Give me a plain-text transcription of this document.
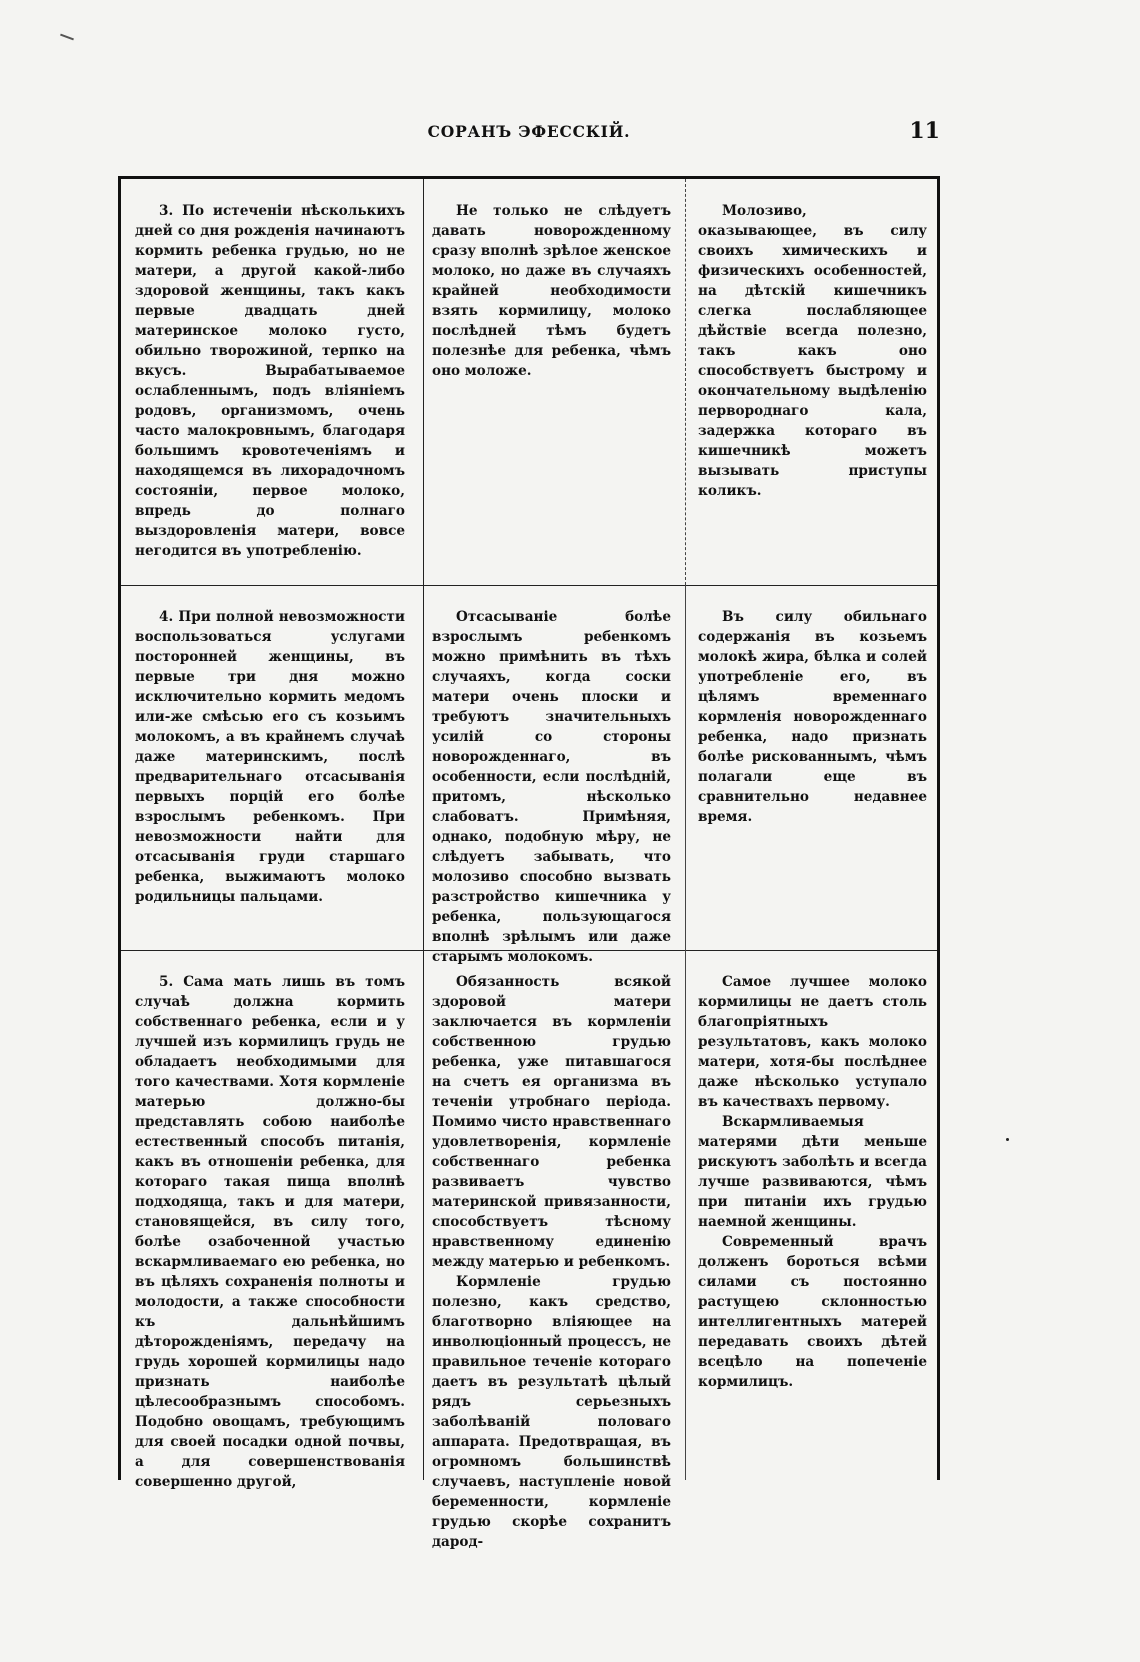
СОРАНЪ ЭФЕССКІЙ.	11

3. По истеченіи нѣсколькихъ дней со дня рожденія начинаютъ кормить ребенка грудью, но не матери, а другой какой-либо здоровой женщины, такъ какъ первые двадцать дней материнское молоко густо, обильно творожиной, терпко на вкусъ. Вырабатываемое ослабленнымъ, подъ вліяніемъ родовъ, организмомъ, очень часто малокровнымъ, благодаря большимъ кровотеченіямъ и находящемся въ лихорадочномъ состояніи, первое молоко, впредь до полнаго выздоровленія матери, вовсе негодится въ употребленію.

Не только не слѣдуетъ давать новорожденному сразу вполнѣ зрѣлое женское молоко, но даже въ случаяхъ крайней необходимости взять кормилицу, молоко послѣдней тѣмъ будетъ полезнѣе для ребенка, чѣмъ оно моложе.

Молозиво, оказывающее, въ силу своихъ химическихъ и физическихъ особенностей, на дѣтскій кишечникъ слегка послабляющее дѣйствіе всегда полезно, такъ какъ оно способствуетъ быстрому и окончательному выдѣленію первороднаго кала, задержка котораго въ кишечникѣ можетъ вызывать приступы коликъ.

4. При полной невозможности воспользоваться услугами посторонней женщины, въ первые три дня можно исключительно кормить медомъ или-же смѣсью его съ козьимъ молокомъ, а въ крайнемъ случаѣ даже материнскимъ, послѣ предварительнаго отсасыванія первыхъ порцій его болѣе взрослымъ ребенкомъ. При невозможности найти для отсасыванія груди старшаго ребенка, выжимаютъ молоко родильницы пальцами.

Отсасываніе болѣе взрослымъ ребенкомъ можно примѣнить въ тѣхъ случаяхъ, когда соски матери очень плоски и требуютъ значительныхъ усилій со стороны новорожденнаго, въ особенности, если послѣдній, притомъ, нѣсколько слабоватъ. Примѣняя, однако, подобную мѣру, не слѣдуетъ забывать, что молозиво способно вызвать разстройство кишечника у ребенка, пользующагося вполнѣ зрѣлымъ или даже старымъ молокомъ.

Въ силу обильнаго содержанія въ козьемъ молокѣ жира, бѣлка и солей употребленіе его, въ цѣлямъ временнаго кормленія новорожденнаго ребенка, надо признать болѣе рискованнымъ, чѣмъ полагали еще въ сравнительно недавнее время.

5. Сама мать лишь въ томъ случаѣ должна кормить собственнаго ребенка, если и у лучшей изъ кормилицъ грудь не обладаетъ необходимыми для того качествами. Хотя кормленіе матерью должно-бы представлять собою наиболѣе естественный способъ питанія, какъ въ отношеніи ребенка, для котораго такая пища вполнѣ подходяща, такъ и для матери, становящейся, въ силу того, болѣе озабоченной участью вскармливаемаго ею ребенка, но въ цѣляхъ сохраненія полноты и молодости, а также способности къ дальнѣйшимъ дѣторожденіямъ, передачу на грудь хорошей кормилицы надо признать наиболѣе цѣлесообразнымъ способомъ. Подобно овощамъ, требующимъ для своей посадки одной почвы, а для совершенствованія совершенно другой,

Обязанность всякой здоровой матери заключается въ кормленіи собственною грудью ребенка, уже питавшагося на счетъ ея организма въ теченіи утробнаго періода. Помимо чисто нравственнаго удовлетворенія, кормленіе собственнаго ребенка развиваетъ чувство материнской привязанности, способствуетъ тѣсному нравственному единенію между матерью и ребенкомъ.

Кормленіе грудью полезно, какъ средство, благотворно вліяющее на инволюціонный процессъ, не правильное теченіе котораго даетъ въ результатѣ цѣлый рядъ серьезныхъ заболѣваній половаго аппарата. Предотвращая, въ огромномъ большинствѣ случаевъ, наступленіе новой беременности, кормленіе грудью скорѣе сохранитъ дарод-

Самое лучшее молоко кормилицы не даетъ столь благопріятныхъ результатовъ, какъ молоко матери, хотя-бы послѣднее даже нѣсколько уступало въ качествахъ первому.

Вскармливаемыя матерями дѣти меньше рискуютъ заболѣть и всегда лучше развиваются, чѣмъ при питаніи ихъ грудью наемной женщины.

Современный врачъ долженъ бороться всѣми силами съ постоянно растущею склонностью интеллигентныхъ матерей передавать своихъ дѣтей всецѣло на попеченіе кормилицъ.
